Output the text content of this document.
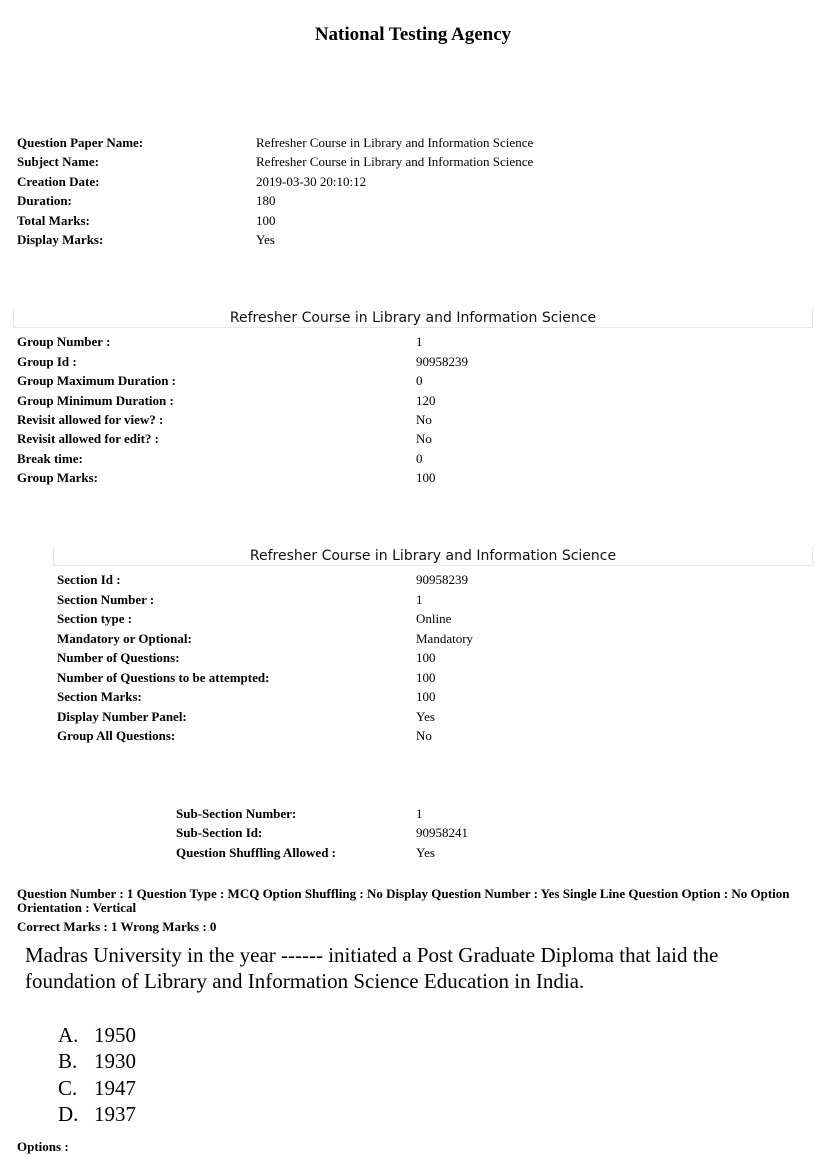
National Testing Agency
Question Paper Name:	Refresher Course in Library and Information Science
Subject Name:	Refresher Course in Library and Information Science
Creation Date:	2019-03-30 20:10:12
Duration:	180
Total Marks:	100
Display Marks:	Yes
Refresher Course in Library and Information Science
Group Number :	1
Group Id :	90958239
Group Maximum Duration :	0
Group Minimum Duration :	120
Revisit allowed for view? :	No
Revisit allowed for edit? :	No
Break time:	0
Group Marks:	100
Refresher Course in Library and Information Science
Section Id :	90958239
Section Number :	1
Section type :	Online
Mandatory or Optional:	Mandatory
Number of Questions:	100
Number of Questions to be attempted:	100
Section Marks:	100
Display Number Panel:	Yes
Group All Questions:	No
Sub-Section Number:	1
Sub-Section Id:	90958241
Question Shuffling Allowed :	Yes
Question Number : 1 Question Type : MCQ Option Shuffling : No Display Question Number : Yes Single Line Question Option : No Option Orientation : Vertical
Correct Marks : 1 Wrong Marks : 0
Madras University in the year ------ initiated a Post Graduate Diploma that laid the foundation of Library and Information Science Education in India.
A. 1950
B. 1930
C. 1947
D. 1937
Options :
